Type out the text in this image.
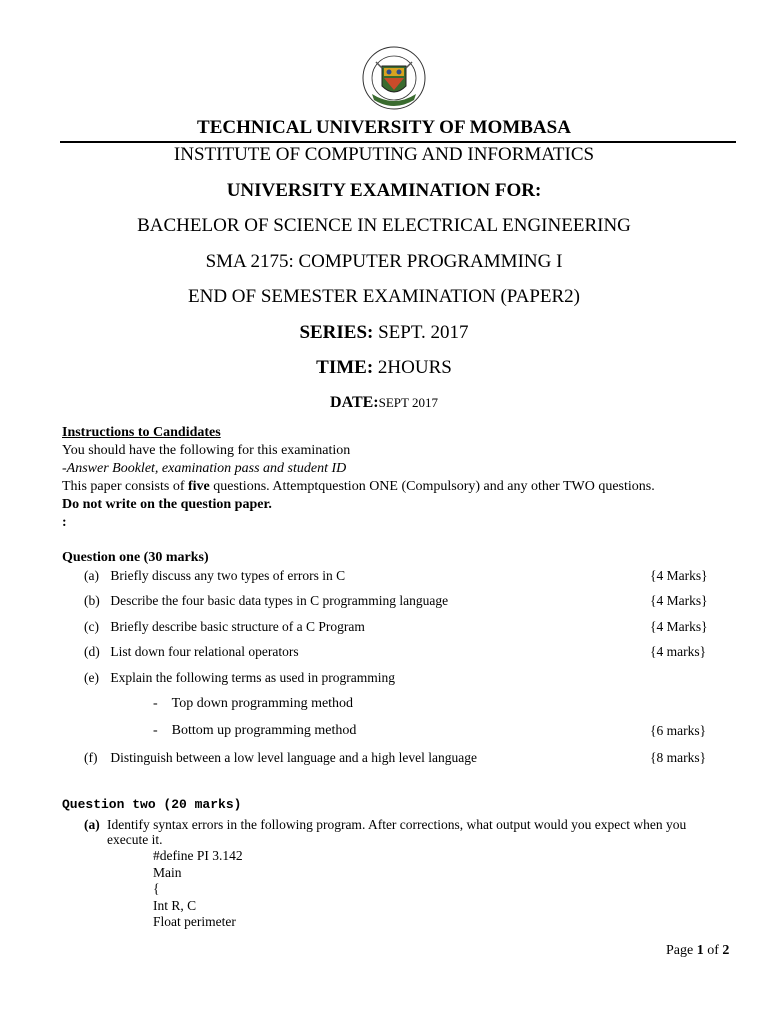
TECHNICAL UNIVERSITY OF MOMBASA
INSTITUTE OF COMPUTING AND INFORMATICS
UNIVERSITY EXAMINATION FOR:
BACHELOR OF SCIENCE IN ELECTRICAL ENGINEERING
SMA 2175: COMPUTER PROGRAMMING I
END OF SEMESTER EXAMINATION (PAPER2)
SERIES: SEPT. 2017
TIME: 2HOURS
DATE:SEPT 2017
Instructions to Candidates
You should have the following for this examination
-Answer Booklet, examination pass and student ID
This paper consists of five questions. Attemptquestion ONE (Compulsory) and any other TWO questions.
Do not write on the question paper.
:
Question one (30 marks)
(a) Briefly discuss any two types of errors in C	{4 Marks}
(b) Describe the four basic data types in C programming language	{4 Marks}
(c) Briefly describe basic structure of a C Program	{4 Marks}
(d) List down four relational operators	{4 marks}
(e) Explain the following terms as used in programming
- Top down programming method
- Bottom up programming method	{6 marks}
(f) Distinguish between a low level language and a high level language	{8 marks}
Question two (20 marks)
(a) Identify syntax errors in the following program. After corrections, what output would you expect when you
execute it.
#define PI 3.142
Main
{
Int R, C
Float perimeter
Page 1 of 2
